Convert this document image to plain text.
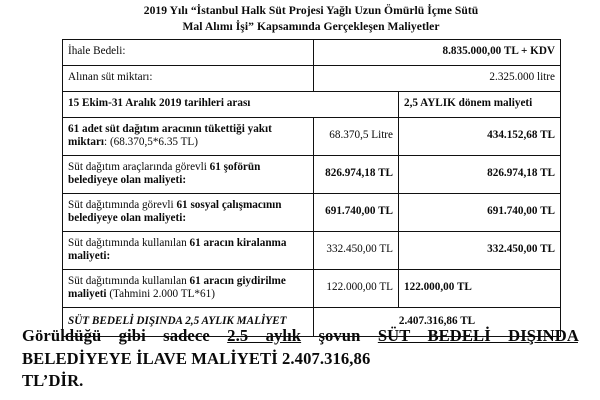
2019 Yılı “İstanbul Halk Süt Projesi Yağlı Uzun Ömürlü İçme Sütü
Mal Alımı İşi” Kapsamında Gerçekleşen Maliyetler
İhale Bedeli:	8.835.000,00 TL + KDV	
Alınan süt miktarı:	2.325.000 litre	
15 Ekim-31 Aralık 2019 tarihleri arası		2,5 AYLIK dönem maliyeti
61 adet süt dağıtım aracının tükettiği yakıt miktarı: (68.370,5*6.35 TL)	68.370,5 Litre	434.152,68 TL
Süt dağıtım araçlarında görevli 61 şoförün belediyeye olan maliyeti:	826.974,18 TL	826.974,18 TL
Süt dağıtımında görevli 61 sosyal çalışmacının belediyeye olan maliyeti:	691.740,00 TL	691.740,00 TL
Süt dağıtımında kullanılan 61 aracın kiralanma maliyeti:	332.450,00 TL	332.450,00 TL
Süt dağıtımında kullanılan 61 aracın giydirilme maliyeti (Tahmini 2.000 TL*61)	122.000,00 TL	122.000,00 TL
SÜT BEDELİ DIŞINDA 2,5 AYLIK MALİYET	2.407.316,86 TL	
Görüldüğü gibi sadece 2.5 aylık şovun SÜT BEDELİ DIŞINDA BELEDİYEYE İLAVE MALİYETİ 2.407.316,86
TL’DİR.
